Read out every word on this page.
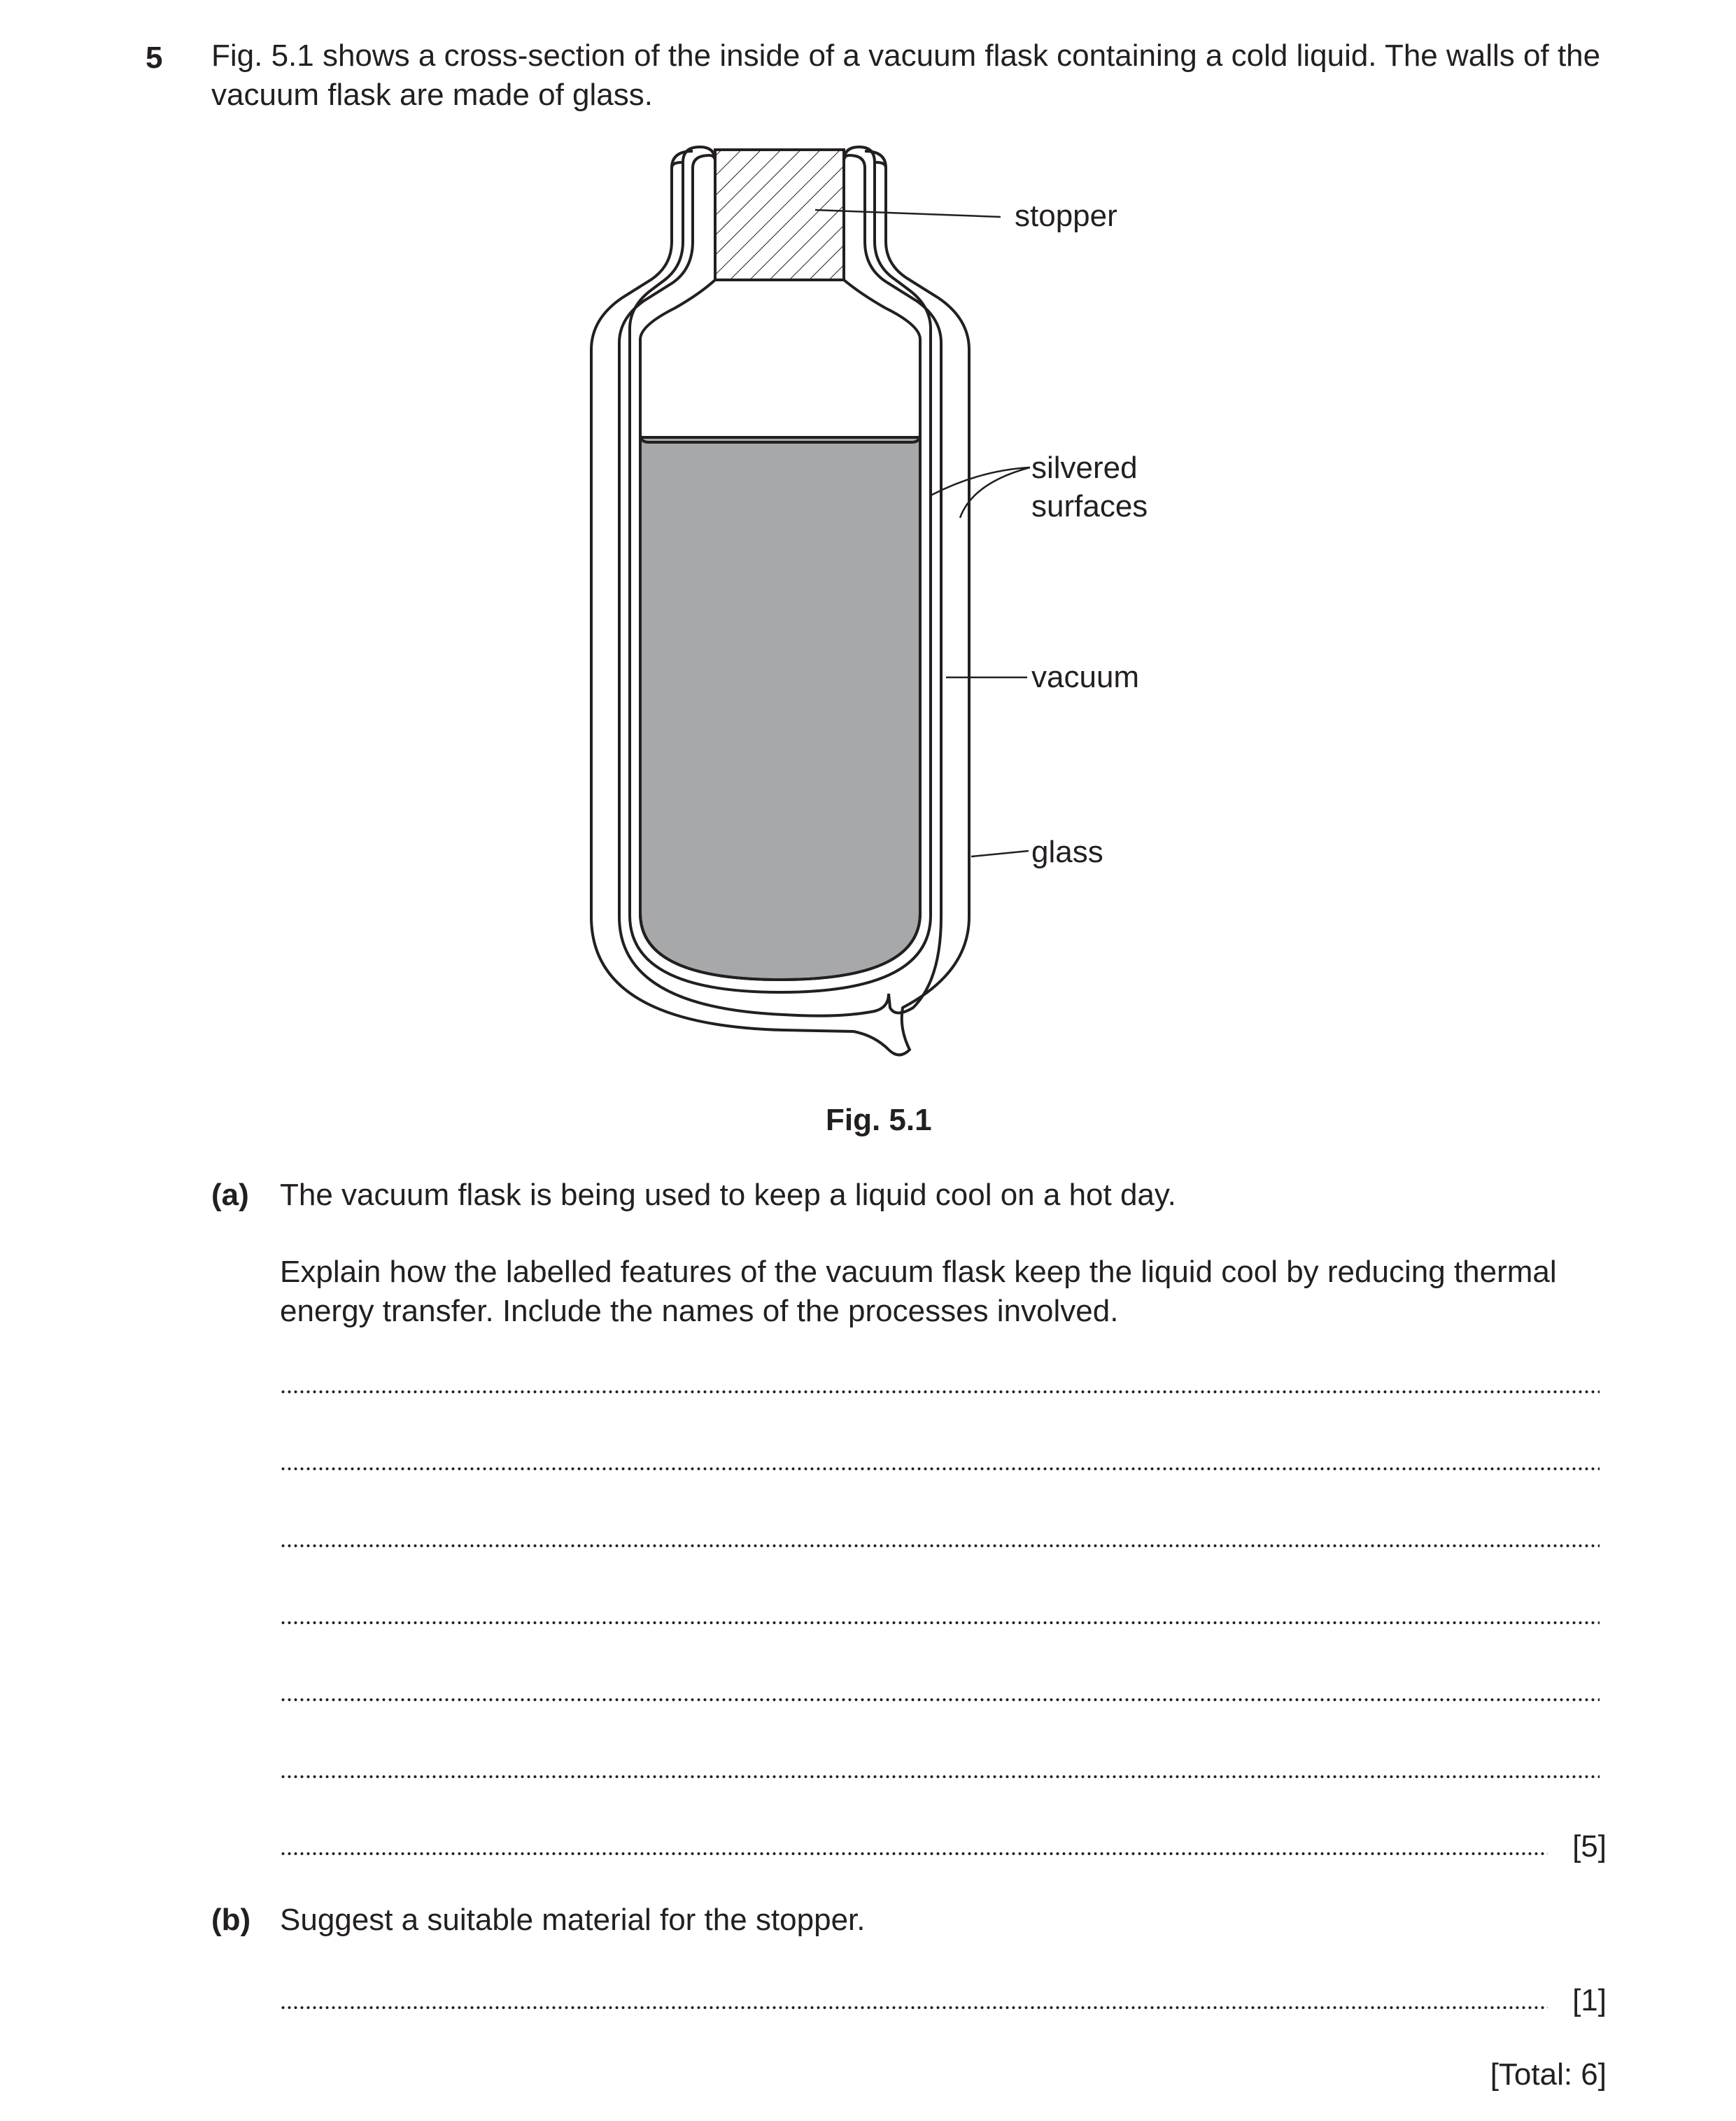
5 Fig. 5.1 shows a cross-section of the inside of a vacuum flask containing a cold liquid. The walls of the vacuum flask are made of glass.

stopper
silvered
surfaces
vacuum
glass
Fig. 5.1
(a) The vacuum flask is being used to keep a liquid cool on a hot day.

Explain how the labelled features of the vacuum flask keep the liquid cool by reducing thermal energy transfer. Include the names of the processes involved.

[5]
(b) Suggest a suitable material for the stopper.

[1]
[Total: 6]
